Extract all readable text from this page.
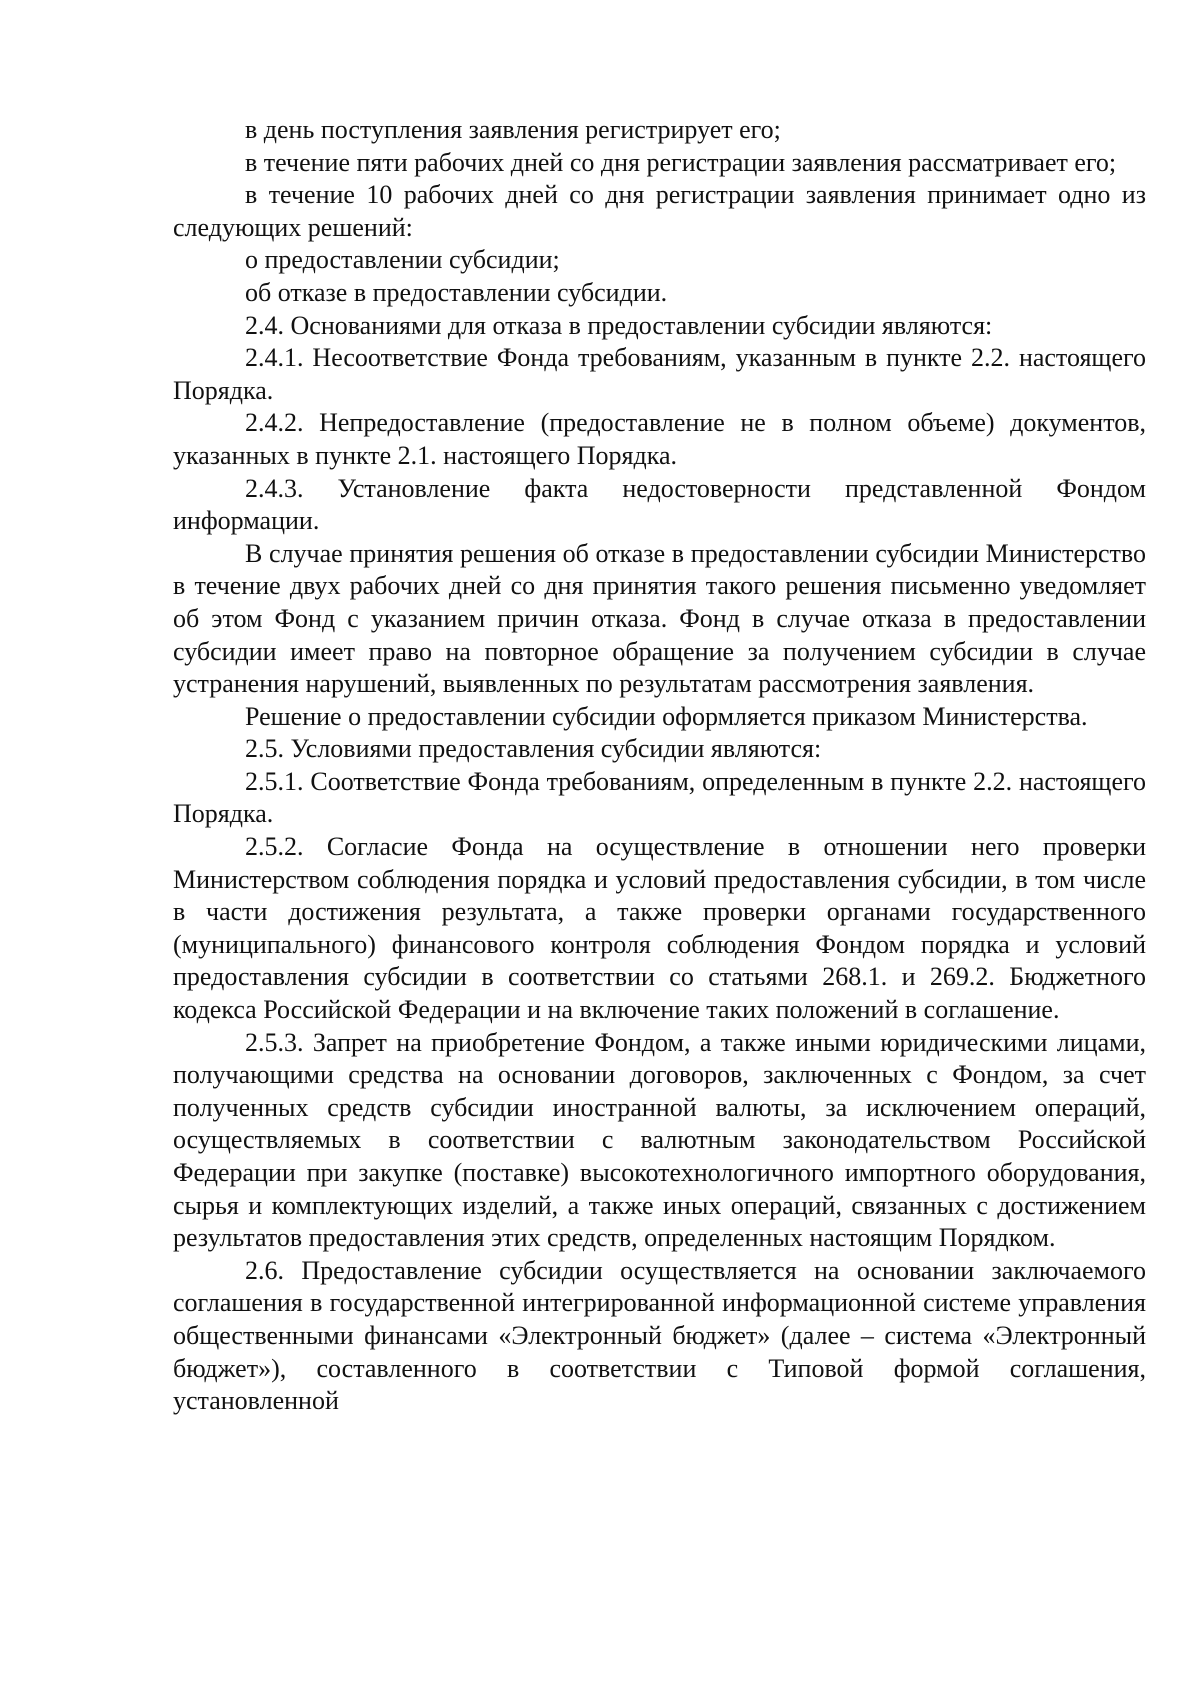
в день поступления заявления регистрирует его;

в течение пяти рабочих дней со дня регистрации заявления рассматривает его;

в течение 10 рабочих дней со дня регистрации заявления принимает одно из следующих решений:

о предоставлении субсидии;

об отказе в предоставлении субсидии.

2.4. Основаниями для отказа в предоставлении субсидии являются:

2.4.1. Несоответствие Фонда требованиям, указанным в пункте 2.2. настоящего Порядка.

2.4.2. Непредоставление (предоставление не в полном объеме) документов, указанных в пункте 2.1. настоящего Порядка.

2.4.3. Установление факта недостоверности представленной Фондом информации.

В случае принятия решения об отказе в предоставлении субсидии Министерство в течение двух рабочих дней со дня принятия такого решения письменно уведомляет об этом Фонд с указанием причин отказа. Фонд в случае отказа в предоставлении субсидии имеет право на повторное обращение за получением субсидии в случае устранения нарушений, выявленных по результатам рассмотрения заявления.

Решение о предоставлении субсидии оформляется приказом Министерства.

2.5. Условиями предоставления субсидии являются:

2.5.1. Соответствие Фонда требованиям, определенным в пункте 2.2. настоящего Порядка.

2.5.2. Согласие Фонда на осуществление в отношении него проверки Министерством соблюдения порядка и условий предоставления субсидии, в том числе в части достижения результата, а также проверки органами государственного (муниципального) финансового контроля соблюдения Фондом порядка и условий предоставления субсидии в соответствии со статьями 268.1. и 269.2. Бюджетного кодекса Российской Федерации и на включение таких положений в соглашение.

2.5.3. Запрет на приобретение Фондом, а также иными юридическими лицами, получающими средства на основании договоров, заключенных с Фондом, за счет полученных средств субсидии иностранной валюты, за исключением операций, осуществляемых в соответствии с валютным законодательством Российской Федерации при закупке (поставке) высокотехнологичного импортного оборудования, сырья и комплектующих изделий, а также иных операций, связанных с достижением результатов предоставления этих средств, определенных настоящим Порядком.

2.6. Предоставление субсидии осуществляется на основании заключаемого соглашения в государственной интегрированной информационной системе управления общественными финансами «Электронный бюджет» (далее – система «Электронный бюджет»), составленного в соответствии с Типовой формой соглашения, установленной
